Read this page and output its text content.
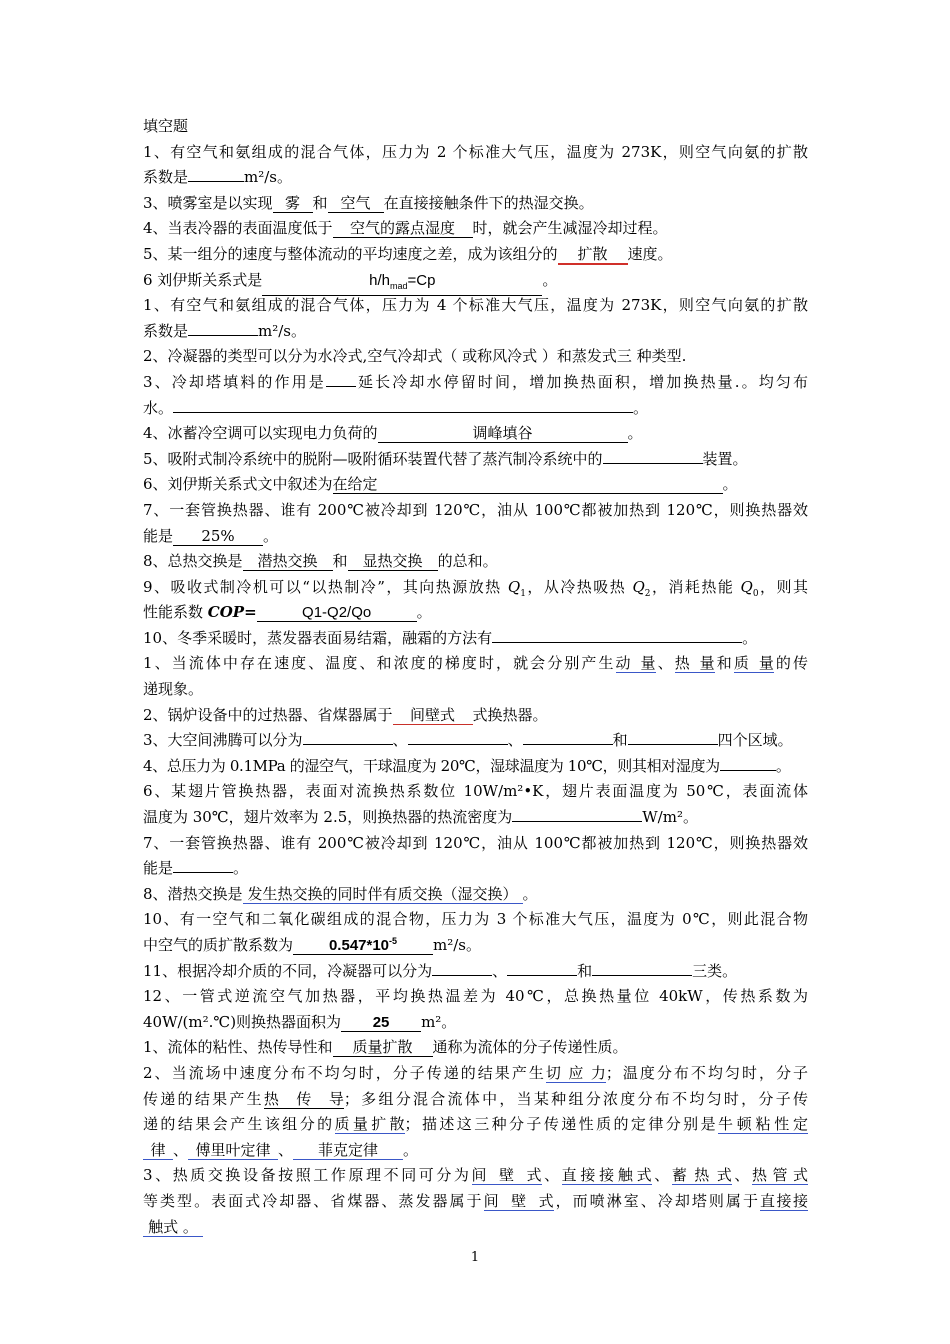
填空题
1、有空气和氨组成的混合气体，压力为 2 个标准大气压，温度为 273K，则空气向氨的扩散
系数是	m²/s。
3、喷雾室是以实现 雾 和 空气 在直接接触条件下的热湿交换。
4、当表冷器的表面温度低于 空气的露点湿度 时，就会产生减湿冷却过程。
5、某一组分的速度与整体流动的平均速度之差，成为该组分的 扩散 速度。
6 刘伊斯关系式是	$h/h_{mad}=Cp$	。
1、有空气和氨组成的混合气体，压力为 4 个标准大气压，温度为 273K，则空气向氨的扩散
系数是	m²/s。
2、冷凝器的类型可以分为水冷式,空气冷却式（ 或称风冷式 ）和蒸发式三 种类型.
3、冷却塔填料的作用是 延长冷却水停留时间，增加换热面积，增加换热量.。均匀布
水。	。
4、冰蓄冷空调可以实现电力负荷的	调峰填谷	。
5、吸附式制冷系统中的脱附—吸附循环装置代替了蒸汽制冷系统中的	装置。
6、刘伊斯关系式文中叙述为在给定	。
7、一套管换热器、谁有 200℃被冷却到 120℃，油从 100℃都被加热到 120℃，则换热器效
能是 25% 。
8、总热交换是 潜热交换 和 显热交换 的总和。
9、吸收式制冷机可以“以热制冷”，其向热源放热 $Q_1$，从冷热吸热 $Q_2$，消耗热能 $Q_0$，则其
性能系数 COP=	Q1-Q2/Qo	。
10、冬季采暖时，蒸发器表面易结霜，融霜的方法有	。
1、当流体中存在速度、温度、和浓度的梯度时，就会分别产生动量、热量和质量的传
递现象。
2、锅炉设备中的过热器、省煤器属于 间壁式 式换热器。
3、大空间沸腾可以分为	、	、	和	四个区域。
4、总压力为 0.1MPa 的湿空气，干球温度为 20℃，湿球温度为 10℃，则其相对湿度为	。
6、某翅片管换热器，表面对流换热系数位 10W/m²•K，翅片表面温度为 50℃，表面流体
温度为 30℃，翅片效率为 2.5，则换热器的热流密度为	W/m²。
7、一套管换热器、谁有 200℃被冷却到 120℃，油从 100℃都被加热到 120℃，则换热器效
能是	。
8、潜热交换是 发生热交换的同时伴有质交换（湿交换） 。
10、有一空气和二氧化碳组成的混合物，压力为 3 个标准大气压，温度为 0℃，则此混合物
中空气的质扩散系数为 $0.547*10^{-5}$ m²/s。
11、根据冷却介质的不同，冷凝器可以分为	、	和	三类。
12、一管式逆流空气加热器，平均换热温差为 40℃，总换热量位 40kW，传热系数为
40W/(m².℃)则换热器面积为 25 m²。
1、流体的粘性、热传导性和 质量扩散 通称为流体的分子传递性质。
2、当流场中速度分布不均匀时，分子传递的结果产生切应力；温度分布不均匀时，分子
传递的结果产生热传导；多组分混合流体中，当某种组分浓度分布不均匀时，分子传
递的结果会产生该组分的质量扩散；描述这三种分子传递性质的定律分别是牛顿粘性定
律 、 傅里叶定律 、 菲克定律 。
3、热质交换设备按照工作原理不同可分为间壁式、直接接触式、蓄热式、热管式
等类型。表面式冷却器、省煤器、蒸发器属于间壁式，而喷淋室、冷却塔则属于直接接
触式 。
1
